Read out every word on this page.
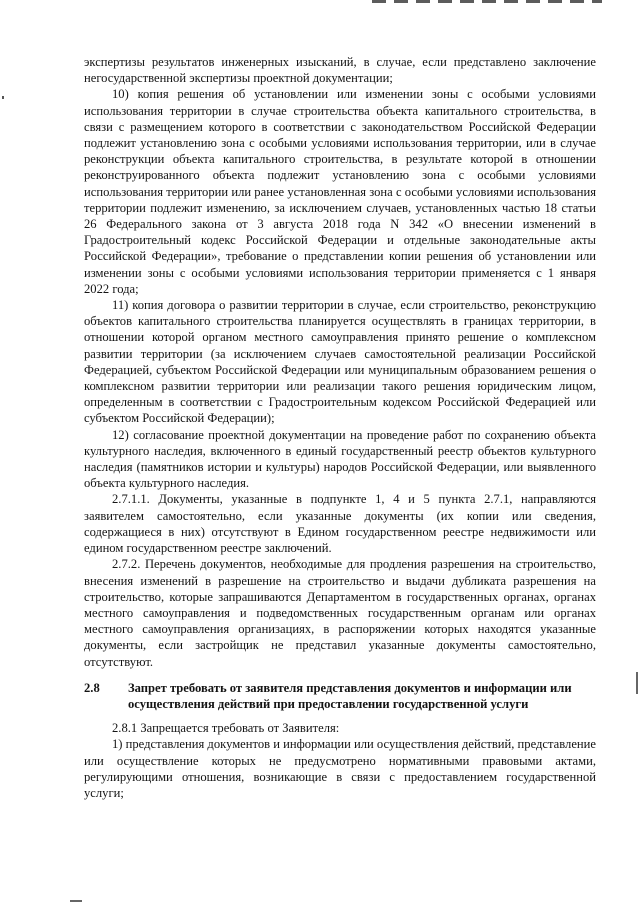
экспертизы результатов инженерных изысканий, в случае, если представлено заключение негосударственной экспертизы проектной документации;

10) копия решения об установлении или изменении зоны с особыми условиями использования территории в случае строительства объекта капитального строительства, в связи с размещением которого в соответствии с законодательством Российской Федерации подлежит установлению зона с особыми условиями использования территории, или в случае реконструкции объекта капитального строительства, в результате которой в отношении реконструированного объекта подлежит установлению зона с особыми условиями использования территории или ранее установленная зона с особыми условиями использования территории подлежит изменению, за исключением случаев, установленных частью 18 статьи 26 Федерального закона от 3 августа 2018 года N 342 «О внесении изменений в Градостроительный кодекс Российской Федерации и отдельные законодательные акты Российской Федерации», требование о представлении копии решения об установлении или изменении зоны с особыми условиями использования территории применяется с 1 января 2022 года;

11) копия договора о развитии территории в случае, если строительство, реконструкцию объектов капитального строительства планируется осуществлять в границах территории, в отношении которой органом местного самоуправления принято решение о комплексном развитии территории (за исключением случаев самостоятельной реализации Российской Федерацией, субъектом Российской Федерации или муниципальным образованием решения о комплексном развитии территории или реализации такого решения юридическим лицом, определенным в соответствии с Градостроительным кодексом Российской Федерацией или субъектом Российской Федерации);

12) согласование проектной документации на проведение работ по сохранению объекта культурного наследия, включенного в единый государственный реестр объектов культурного наследия (памятников истории и культуры) народов Российской Федерации, или выявленного объекта культурного наследия.

2.7.1.1. Документы, указанные в подпункте 1, 4 и 5 пункта 2.7.1, направляются заявителем самостоятельно, если указанные документы (их копии или сведения, содержащиеся в них) отсутствуют в Едином государственном реестре недвижимости или едином государственном реестре заключений.

2.7.2. Перечень документов, необходимые для продления разрешения на строительство, внесения изменений в разрешение на строительство и выдачи дубликата разрешения на строительство, которые запрашиваются Департаментом в государственных органах, органах местного самоуправления и подведомственных государственным органам или органах местного самоуправления организациях, в распоряжении которых находятся указанные документы, если застройщик не представил указанные документы самостоятельно, отсутствуют.

2.8	Запрет требовать от заявителя представления документов и информации или осуществления действий при предоставлении государственной услуги

2.8.1 Запрещается требовать от Заявителя:

1) представления документов и информации или осуществления действий, представление или осуществление которых не предусмотрено нормативными правовыми актами, регулирующими отношения, возникающие в связи с предоставлением государственной услуги;
